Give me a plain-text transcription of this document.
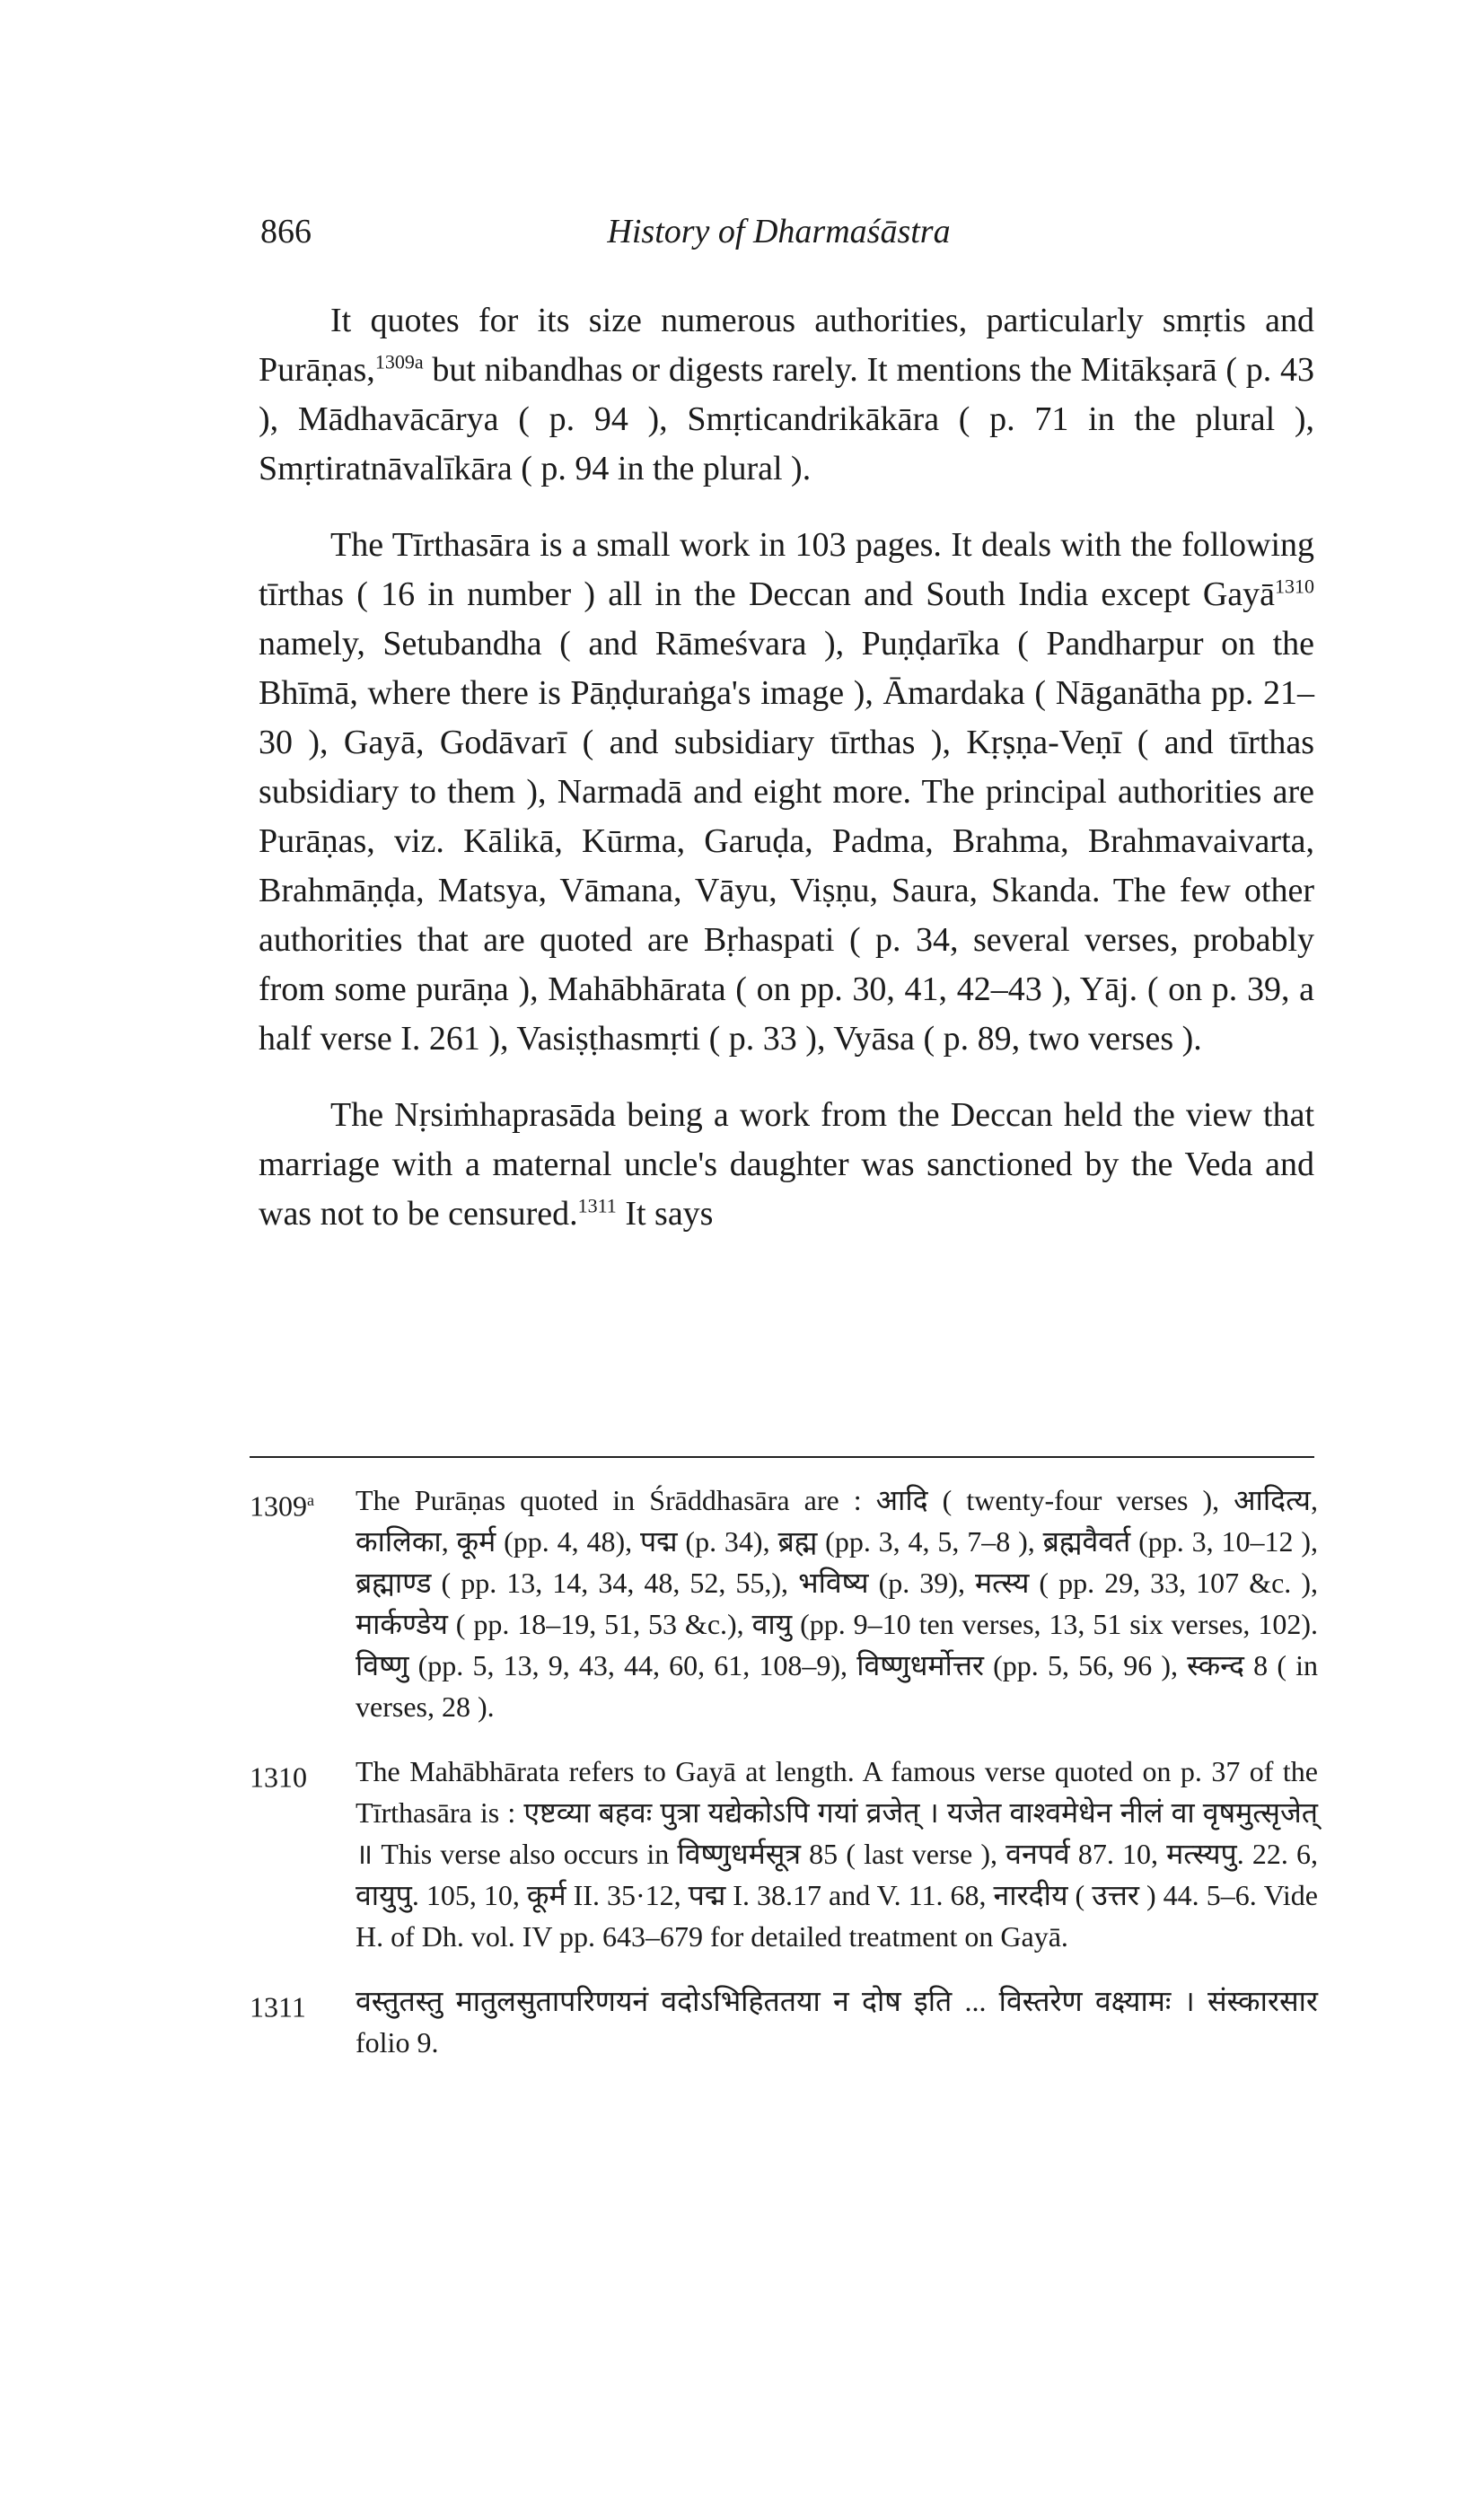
866	History of Dharmaśāstra

It quotes for its size numerous authorities, particularly smṛtis and Purāṇas,$^{1309a}$ but nibandhas or digests rarely. It mentions the Mitākṣarā ( p. 43 ), Mādhavācārya ( p. 94 ), Smṛticandrikākāra ( p. 71 in the plural ), Smṛtiratnāvalīkāra ( p. 94 in the plural ).

The Tīrthasāra is a small work in 103 pages. It deals with the following tīrthas ( 16 in number ) all in the Deccan and South India except Gayā$^{1310}$ namely, Setubandha ( and Rāmeśvara ), Puṇḍarīka ( Pandharpur on the Bhīmā, where there is Pāṇḍuraṅga's image ), Āmardaka ( Nāganātha pp. 21–30 ), Gayā, Godāvarī ( and subsidiary tīrthas ), Kṛṣṇa-Veṇī ( and tīrthas subsidiary to them ), Narmadā and eight more. The principal authorities are Purāṇas, viz. Kālikā, Kūrma, Garuḍa, Padma, Brahma, Brahmavaivarta, Brahmāṇḍa, Matsya, Vāmana, Vāyu, Viṣṇu, Saura, Skanda. The few other authorities that are quoted are Bṛhaspati ( p. 34, several verses, probably from some purāṇa ), Mahābhārata ( on pp. 30, 41, 42–43 ), Yāj. ( on p. 39, a half verse I. 261 ), Vasiṣṭhasmṛti ( p. 33 ), Vyāsa ( p. 89, two verses ).

The Nṛsiṁhaprasāda being a work from the Deccan held the view that marriage with a maternal uncle's daughter was sanctioned by the Veda and was not to be censured.$^{1311}$ It says

1309$^a$	The Purāṇas quoted in Śrāddhasāra are : आदि ( twenty-four verses ), आदित्य, कालिका, कूर्म (pp. 4, 48), पद्म (p. 34), ब्रह्म (pp. 3, 4, 5, 7–8 ), ब्रह्मवैवर्त (pp. 3, 10–12 ), ब्रह्माण्ड ( pp. 13, 14, 34, 48, 52, 55,), भविष्य (p. 39), मत्स्य ( pp. 29, 33, 107 &c. ), मार्कण्डेय ( pp. 18–19, 51, 53 &c.), वायु (pp. 9–10 ten verses, 13, 51 six verses, 102). विष्णु (pp. 5, 13, 9, 43, 44, 60, 61, 108–9), विष्णुधर्मोत्तर (pp. 5, 56, 96 ), स्कन्द 8 ( in verses, 28 ).
1310	The Mahābhārata refers to Gayā at length. A famous verse quoted on p. 37 of the Tīrthasāra is : एष्टव्या बहवः पुत्रा यद्येकोऽपि गयां व्रजेत् । यजेत वाश्वमेधेन नीलं वा वृषमुत्सृजेत् ॥ This verse also occurs in विष्णुधर्मसूत्र 85 ( last verse ), वनपर्व 87. 10, मत्स्यपु. 22. 6, वायुपु. 105, 10, कूर्म II. 35·12, पद्म I. 38.17 and V. 11. 68, नारदीय ( उत्तर ) 44. 5–6. Vide H. of Dh. vol. IV pp. 643–679 for detailed treatment on Gayā.
1311	वस्तुतस्तु मातुलसुतापरिणयनं वदोऽभिहिततया न दोष इति ... विस्तरेण वक्ष्यामः । संस्कारसार folio 9.
